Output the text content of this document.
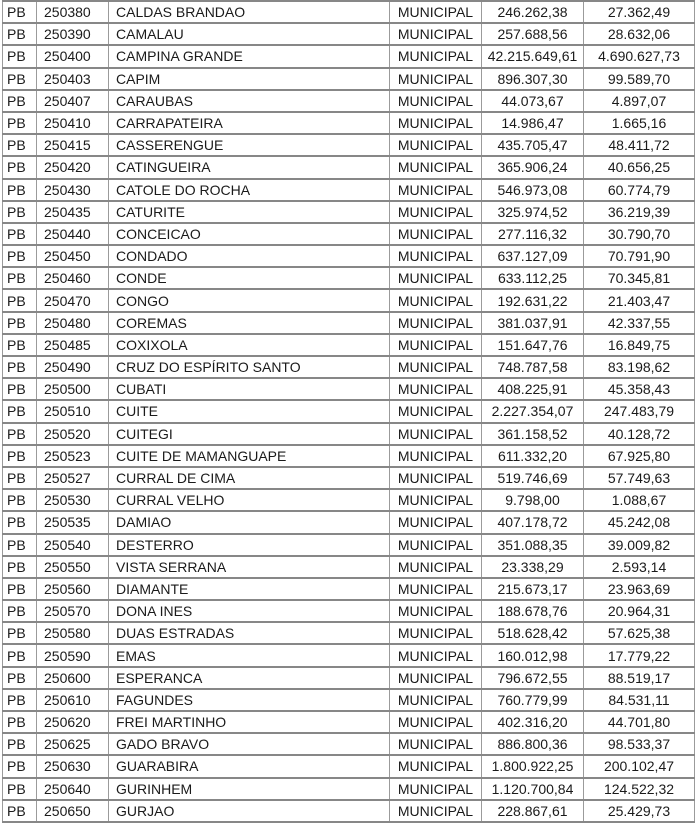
PB	250380	CALDAS BRANDAO	MUNICIPAL	246.262,38	27.362,49
PB	250390	CAMALAU	MUNICIPAL	257.688,56	28.632,06
PB	250400	CAMPINA GRANDE	MUNICIPAL	42.215.649,61	4.690.627,73
PB	250403	CAPIM	MUNICIPAL	896.307,30	99.589,70
PB	250407	CARAUBAS	MUNICIPAL	44.073,67	4.897,07
PB	250410	CARRAPATEIRA	MUNICIPAL	14.986,47	1.665,16
PB	250415	CASSERENGUE	MUNICIPAL	435.705,47	48.411,72
PB	250420	CATINGUEIRA	MUNICIPAL	365.906,24	40.656,25
PB	250430	CATOLE DO ROCHA	MUNICIPAL	546.973,08	60.774,79
PB	250435	CATURITE	MUNICIPAL	325.974,52	36.219,39
PB	250440	CONCEICAO	MUNICIPAL	277.116,32	30.790,70
PB	250450	CONDADO	MUNICIPAL	637.127,09	70.791,90
PB	250460	CONDE	MUNICIPAL	633.112,25	70.345,81
PB	250470	CONGO	MUNICIPAL	192.631,22	21.403,47
PB	250480	COREMAS	MUNICIPAL	381.037,91	42.337,55
PB	250485	COXIXOLA	MUNICIPAL	151.647,76	16.849,75
PB	250490	CRUZ DO ESPÍRITO SANTO	MUNICIPAL	748.787,58	83.198,62
PB	250500	CUBATI	MUNICIPAL	408.225,91	45.358,43
PB	250510	CUITE	MUNICIPAL	2.227.354,07	247.483,79
PB	250520	CUITEGI	MUNICIPAL	361.158,52	40.128,72
PB	250523	CUITE DE MAMANGUAPE	MUNICIPAL	611.332,20	67.925,80
PB	250527	CURRAL DE CIMA	MUNICIPAL	519.746,69	57.749,63
PB	250530	CURRAL VELHO	MUNICIPAL	9.798,00	1.088,67
PB	250535	DAMIAO	MUNICIPAL	407.178,72	45.242,08
PB	250540	DESTERRO	MUNICIPAL	351.088,35	39.009,82
PB	250550	VISTA SERRANA	MUNICIPAL	23.338,29	2.593,14
PB	250560	DIAMANTE	MUNICIPAL	215.673,17	23.963,69
PB	250570	DONA INES	MUNICIPAL	188.678,76	20.964,31
PB	250580	DUAS ESTRADAS	MUNICIPAL	518.628,42	57.625,38
PB	250590	EMAS	MUNICIPAL	160.012,98	17.779,22
PB	250600	ESPERANCA	MUNICIPAL	796.672,55	88.519,17
PB	250610	FAGUNDES	MUNICIPAL	760.779,99	84.531,11
PB	250620	FREI MARTINHO	MUNICIPAL	402.316,20	44.701,80
PB	250625	GADO BRAVO	MUNICIPAL	886.800,36	98.533,37
PB	250630	GUARABIRA	MUNICIPAL	1.800.922,25	200.102,47
PB	250640	GURINHEM	MUNICIPAL	1.120.700,84	124.522,32
PB	250650	GURJAO	MUNICIPAL	228.867,61	25.429,73
